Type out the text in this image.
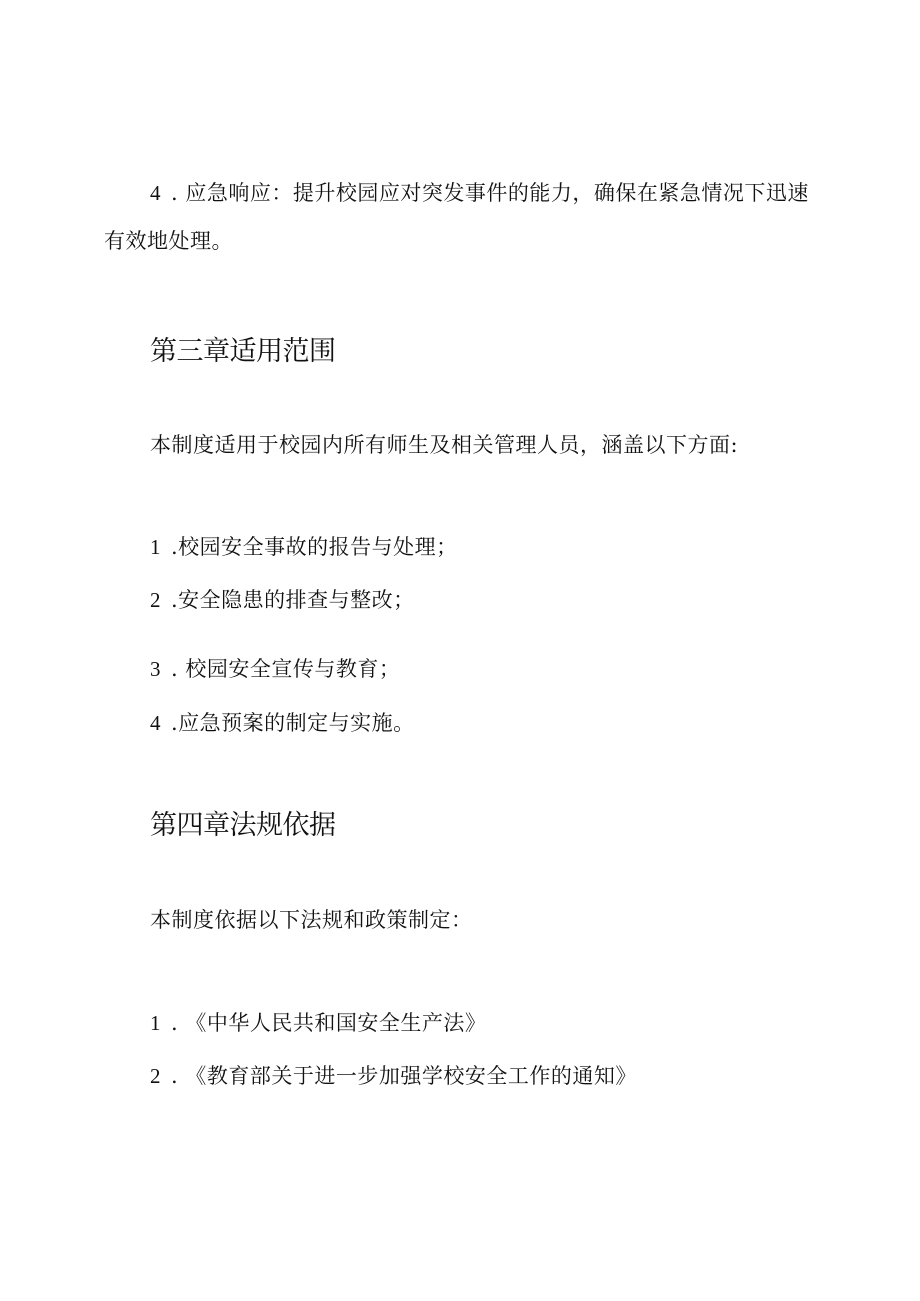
4 . 应急响应：提升校园应对突发事件的能力，确保在紧急情况下迅速
有效地处理。
第三章适用范围
本制度适用于校园内所有师生及相关管理人员，涵盖以下方面:
1 .校园安全事故的报告与处理；
2 .安全隐患的排查与整改；
3 . 校园安全宣传与教育；
4 .应急预案的制定与实施。
第四章法规依据
本制度依据以下法规和政策制定：
1 . 《中华人民共和国安全生产法》
2 . 《教育部关于进一步加强学校安全工作的通知》
